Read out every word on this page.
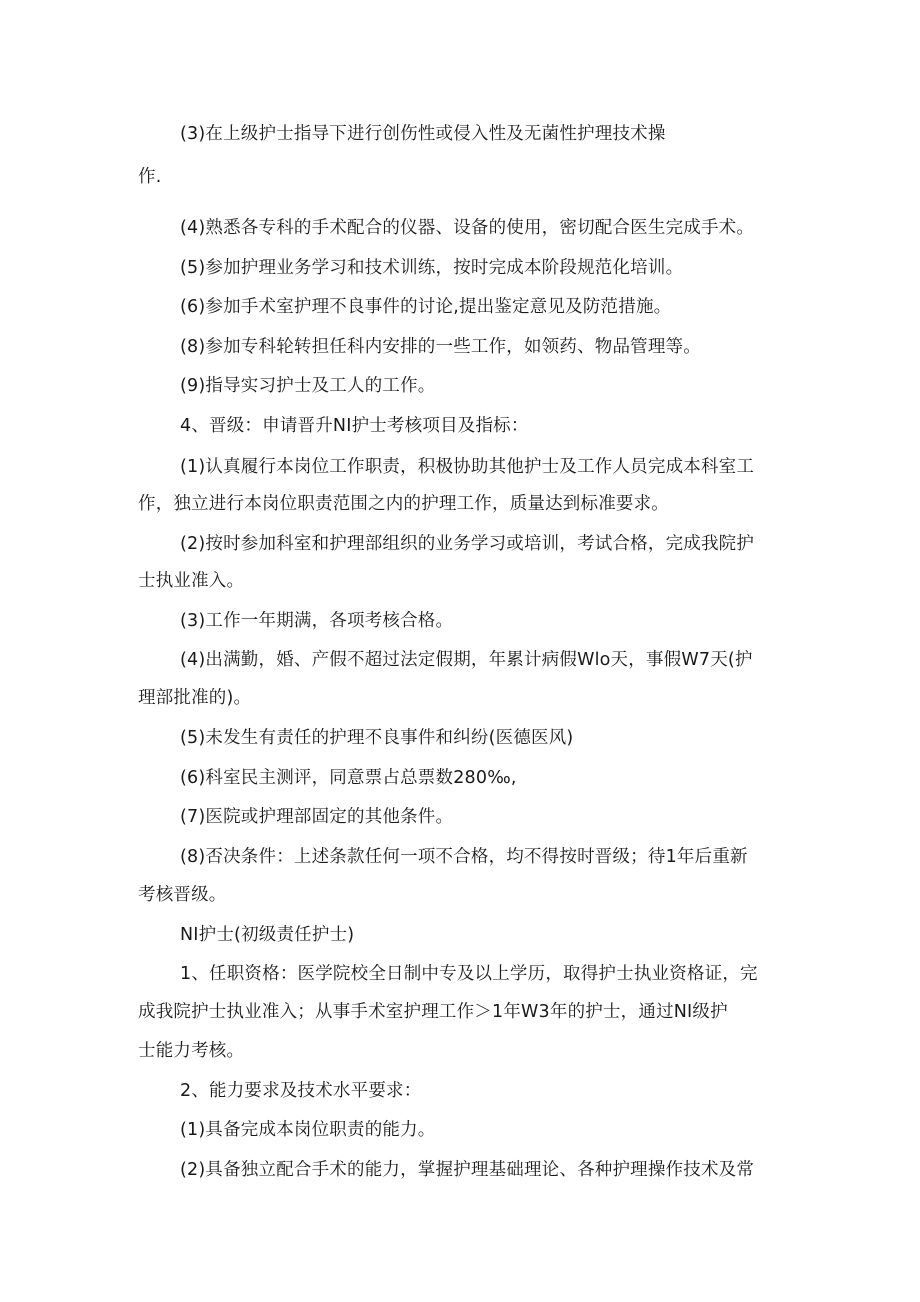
(3)在上级护士指导下进行创伤性或侵入性及无菌性护理技术操
作.
(4)熟悉各专科的手术配合的仪器、设备的使用，密切配合医生完成手术。
(5)参加护理业务学习和技术训练，按时完成本阶段规范化培训。
(6)参加手术室护理不良事件的讨论,提出鉴定意见及防范措施。
(8)参加专科轮转担任科内安排的一些工作，如领药、物品管理等。
(9)指导实习护士及工人的工作。
4、晋级：申请晋升NI护士考核项目及指标：
(1)认真履行本岗位工作职责，积极协助其他护士及工作人员完成本科室工
作，独立进行本岗位职责范围之内的护理工作，质量达到标准要求。
(2)按时参加科室和护理部组织的业务学习或培训，考试合格，完成我院护
士执业准入。
(3)工作一年期满，各项考核合格。
(4)出满勤，婚、产假不超过法定假期，年累计病假Wlo天，事假W7天(护
理部批准的)。
(5)未发生有责任的护理不良事件和纠纷(医德医风)
(6)科室民主测评，同意票占总票数280‰,
(7)医院或护理部固定的其他条件。
(8)否决条件：上述条款任何一项不合格，均不得按时晋级；待1年后重新
考核晋级。
NI护士(初级责任护士)
1、任职资格：医学院校全日制中专及以上学历，取得护士执业资格证，完
成我院护士执业准入；从事手术室护理工作＞1年W3年的护士，通过NI级护
士能力考核。
2、能力要求及技术水平要求：
(1)具备完成本岗位职责的能力。
(2)具备独立配合手术的能力，掌握护理基础理论、各种护理操作技术及常
